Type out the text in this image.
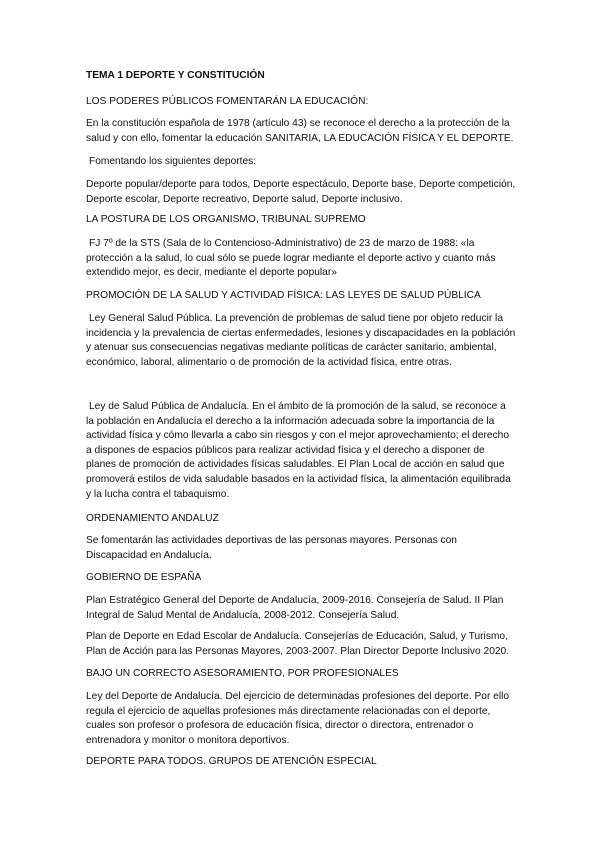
TEMA 1 DEPORTE Y CONSTITUCIÓN

LOS PODERES PÚBLICOS FOMENTARÁN LA EDUCACIÓN:

En la constitución española de 1978 (artículo 43) se reconoce el derecho a la protección de la salud y con ello, fomentar la educación SANITARIA, LA EDUCACIÓN FÍSICA Y EL DEPORTE.

Fomentando los siguientes deportes:

Deporte popular/deporte para todos, Deporte espectáculo, Deporte base, Deporte competición, Deporte escolar, Deporte recreativo, Deporte salud, Deporte inclusivo.

LA POSTURA DE LOS ORGANISMO, TRIBUNAL SUPREMO

FJ 7º de la STS (Sala de lo Contencioso-Administrativo) de 23 de marzo de 1988: «la protección a la salud, lo cual sólo se puede lograr mediante el deporte activo y cuanto más extendido mejor, es decir, mediante el deporte popular»

PROMOCIÓN DE LA SALUD Y ACTIVIDAD FÍSICA: LAS LEYES DE SALUD PÚBLICA

Ley General Salud Pública. La prevención de problemas de salud tiene por objeto reducir la incidencia y la prevalencia de ciertas enfermedades, lesiones y discapacidades en la población y atenuar sus consecuencias negativas mediante políticas de carácter sanitario, ambiental, económico, laboral, alimentario o de promoción de la actividad física, entre otras.

Ley de Salud Pública de Andalucía. En el ámbito de la promoción de la salud, se reconoce a la población en Andalucía el derecho a la información adecuada sobre la importancia de la actividad física y cómo llevarla a cabo sin riesgos y con el mejor aprovechamiento; el derecho a dispones de espacios públicos para realizar actividad física y el derecho a disponer de planes de promoción de actividades físicas saludables. El Plan Local de acción en salud que promoverá estilos de vida saludable basados en la actividad física, la alimentación equilibrada y la lucha contra el tabaquismo.

ORDENAMIENTO ANDALUZ

Se fomentarán las actividades deportivas de las personas mayores. Personas con Discapacidad en Andalucía.

GOBIERNO DE ESPAÑA

Plan Estratégico General del Deporte de Andalucía, 2009-2016. Consejería de Salud. II Plan Integral de Salud Mental de Andalucía, 2008-2012. Consejería Salud.

Plan de Deporte en Edad Escolar de Andalucía. Consejerías de Educación, Salud, y Turismo, Plan de Acción para las Personas Mayores, 2003-2007. Plan Director Deporte Inclusivo 2020.

BAJO UN CORRECTO ASESORAMIENTO, POR PROFESIONALES

Ley del Deporte de Andalucía. Del ejercicio de determinadas profesiones del deporte. Por ello regula el ejercicio de aquellas profesiones más directamente relacionadas con el deporte, cuales son profesor o profesora de educación física, director o directora, entrenador o entrenadora y monitor o monitora deportivos.

DEPORTE PARA TODOS. GRUPOS DE ATENCIÓN ESPECIAL
